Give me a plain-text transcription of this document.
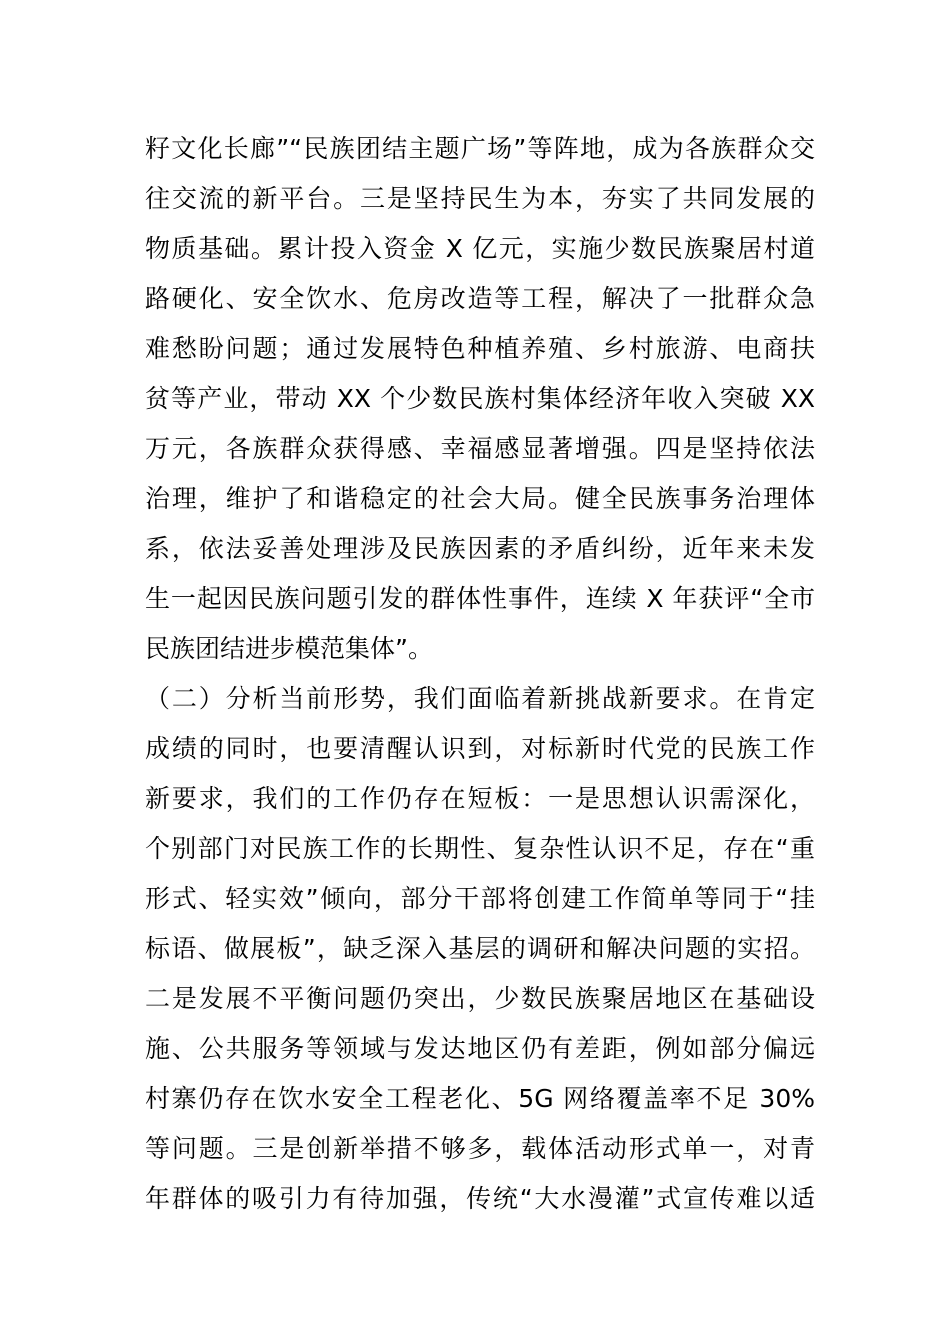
籽文化长廊”“民族团结主题广场”等阵地，成为各族群众交
往交流的新平台。三是坚持民生为本，夯实了共同发展的
物质基础。累计投入资金 X 亿元，实施少数民族聚居村道
路硬化、安全饮水、危房改造等工程，解决了一批群众急
难愁盼问题；通过发展特色种植养殖、乡村旅游、电商扶
贫等产业，带动 XX 个少数民族村集体经济年收入突破 XX
万元，各族群众获得感、幸福感显著增强。四是坚持依法
治理，维护了和谐稳定的社会大局。健全民族事务治理体
系，依法妥善处理涉及民族因素的矛盾纠纷，近年来未发
生一起因民族问题引发的群体性事件，连续 X 年获评“全市
民族团结进步模范集体”。
（二）分析当前形势，我们面临着新挑战新要求。在肯定
成绩的同时，也要清醒认识到，对标新时代党的民族工作
新要求，我们的工作仍存在短板：一是思想认识需深化，
个别部门对民族工作的长期性、复杂性认识不足，存在“重
形式、轻实效”倾向，部分干部将创建工作简单等同于“挂
标语、做展板”，缺乏深入基层的调研和解决问题的实招。
二是发展不平衡问题仍突出，少数民族聚居地区在基础设
施、公共服务等领域与发达地区仍有差距，例如部分偏远
村寨仍存在饮水安全工程老化、5G 网络覆盖率不足 30%
等问题。三是创新举措不够多，载体活动形式单一，对青
年群体的吸引力有待加强，传统“大水漫灌”式宣传难以适
